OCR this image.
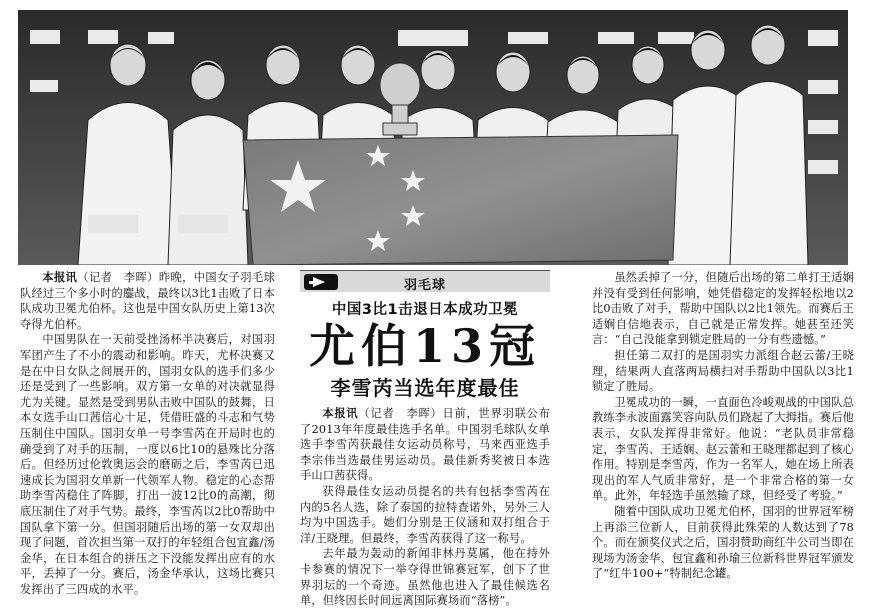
本报讯（记者　李晖）昨晚，中国女子羽毛球队经过三个多小时的鏖战，最终以3比1击败了日本队成功卫冕尤伯杯。这也是中国女队历史上第13次夺得尤伯杯。

中国男队在一天前受挫汤杯半决赛后，对国羽军团产生了不小的震动和影响。昨天，尤杯决赛又是在中日女队之间展开的，国羽女队的选手们多少还是受到了一些影响。双方第一女单的对决就显得尤为关键。显然是受到男队击败中国队的鼓舞，日本女选手山口茜信心十足，凭借旺盛的斗志和气势压制住中国队。国羽女单一号李雪芮在开局时也的确受到了对手的压制，一度以6比10的悬殊比分落后。但经历过伦敦奥运会的磨砺之后，李雪芮已迅速成长为国羽女单新一代领军人物。稳定的心态帮助李雪芮稳住了阵脚，打出一波12比0的高潮，彻底压制住了对手气势。最终，李雪芮以2比0帮助中国队拿下第一分。但国羽随后出场的第一女双却出现了问题，首次担当第一双打的年轻组合包宜鑫/汤金华，在日本组合的拼压之下没能发挥出应有的水平，丢掉了一分。赛后，汤金华承认，这场比赛只发挥出了三四成的水平。

羽毛球
中国3比1击退日本成功卫冕
尤伯13冠
李雪芮当选年度最佳

本报讯（记者　李晖）日前，世界羽联公布了2013年年度最佳选手名单。中国羽毛球队女单选手李雪芮获最佳女运动员称号，马来西亚选手李宗伟当选最佳男运动员。最佳新秀奖被日本选手山口茜获得。

获得最佳女运动员提名的共有包括李雪芮在内的5名人选，除了泰国的拉特查诺外，另外三人均为中国选手。她们分别是王仪涵和双打组合于洋/王晓理。但最终，李雪芮获得了这一称号。

去年最为轰动的新闻非林丹莫属，他在持外卡参赛的情况下一举夺得世锦赛冠军，创下了世界羽坛的一个奇迹。虽然他也进入了最佳候选名单，但终因长时间远离国际赛场而“落榜”。

虽然丢掉了一分，但随后出场的第二单打王适娴并没有受到任何影响，她凭借稳定的发挥轻松地以2比0击败了对手，帮助中国队以2比1领先。而赛后王适娴自信地表示，自己就是正常发挥。她甚至还笑言：“自己没能拿到锁定胜局的一分有些遗憾。”

担任第二双打的是国羽实力派组合赵云蕾/王晓理，结果两人直落两局横扫对手帮助中国队以3比1锁定了胜局。

卫冕成功的一瞬，一直面色冷峻观战的中国队总教练李永波面露笑容向队员们跷起了大拇指。赛后他表示，女队发挥得非常好。他说：“老队员非常稳定，李雪芮、王适娴、赵云蕾和王晓理都起到了核心作用。特别是李雪芮，作为一名军人，她在场上所表现出的军人气质非常好，是一个非常合格的第一女单。此外，年轻选手虽然输了球，但经受了考验。”

随着中国队成功卫冕尤伯杯，国羽的世界冠军榜上再添三位新人，目前获得此殊荣的人数达到了78个。而在颁奖仪式之后，国羽赞助商红牛公司当即在现场为汤金华、包宜鑫和孙瑜三位新科世界冠军颁发了“红牛100+”特制纪念罐。
